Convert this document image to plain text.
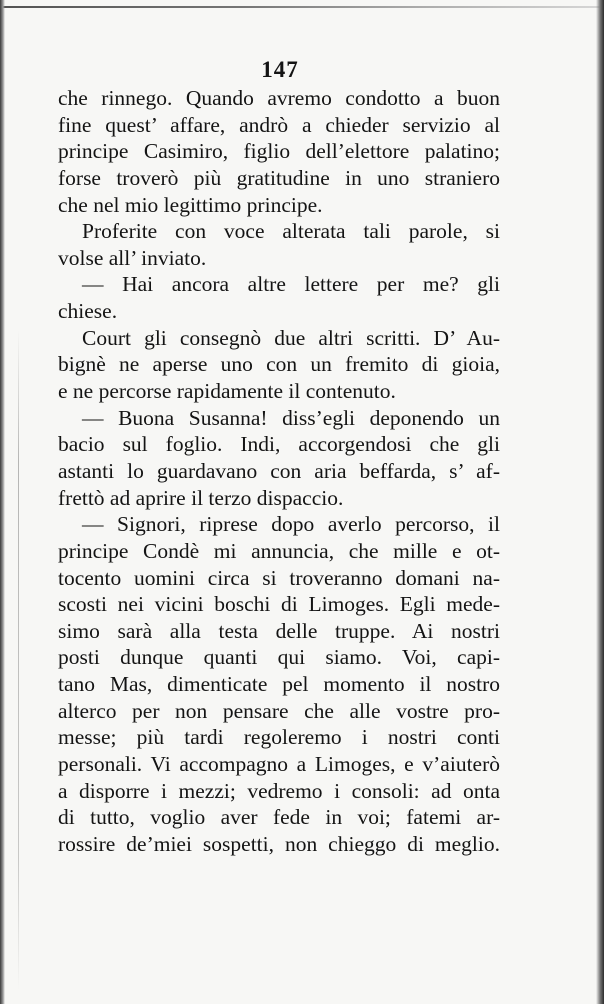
147
che rinnego. Quando avremo condotto a buon
fine quest’ affare, andrò a chieder servizio al
principe Casimiro, figlio dell’elettore palatino;
forse troverò più gratitudine in uno straniero
che nel mio legittimo principe.
Proferite con voce alterata tali parole, si
volse all’ inviato.
— Hai ancora altre lettere per me? gli
chiese.
Court gli consegnò due altri scritti. D’ Au-
bignè ne aperse uno con un fremito di gioia,
e ne percorse rapidamente il contenuto.
— Buona Susanna! diss’egli deponendo un
bacio sul foglio. Indi, accorgendosi che gli
astanti lo guardavano con aria beffarda, s’ af-
frettò ad aprire il terzo dispaccio.
— Signori, riprese dopo averlo percorso, il
principe Condè mi annuncia, che mille e ot-
tocento uomini circa si troveranno domani na-
scosti nei vicini boschi di Limoges. Egli mede-
simo sarà alla testa delle truppe. Ai nostri
posti dunque quanti qui siamo. Voi, capi-
tano Mas, dimenticate pel momento il nostro
alterco per non pensare che alle vostre pro-
messe; più tardi regoleremo i nostri conti
personali. Vi accompagno a Limoges, e v’aiuterò
a disporre i mezzi; vedremo i consoli: ad onta
di tutto, voglio aver fede in voi; fatemi ar-
rossire de’miei sospetti, non chieggo di meglio.
